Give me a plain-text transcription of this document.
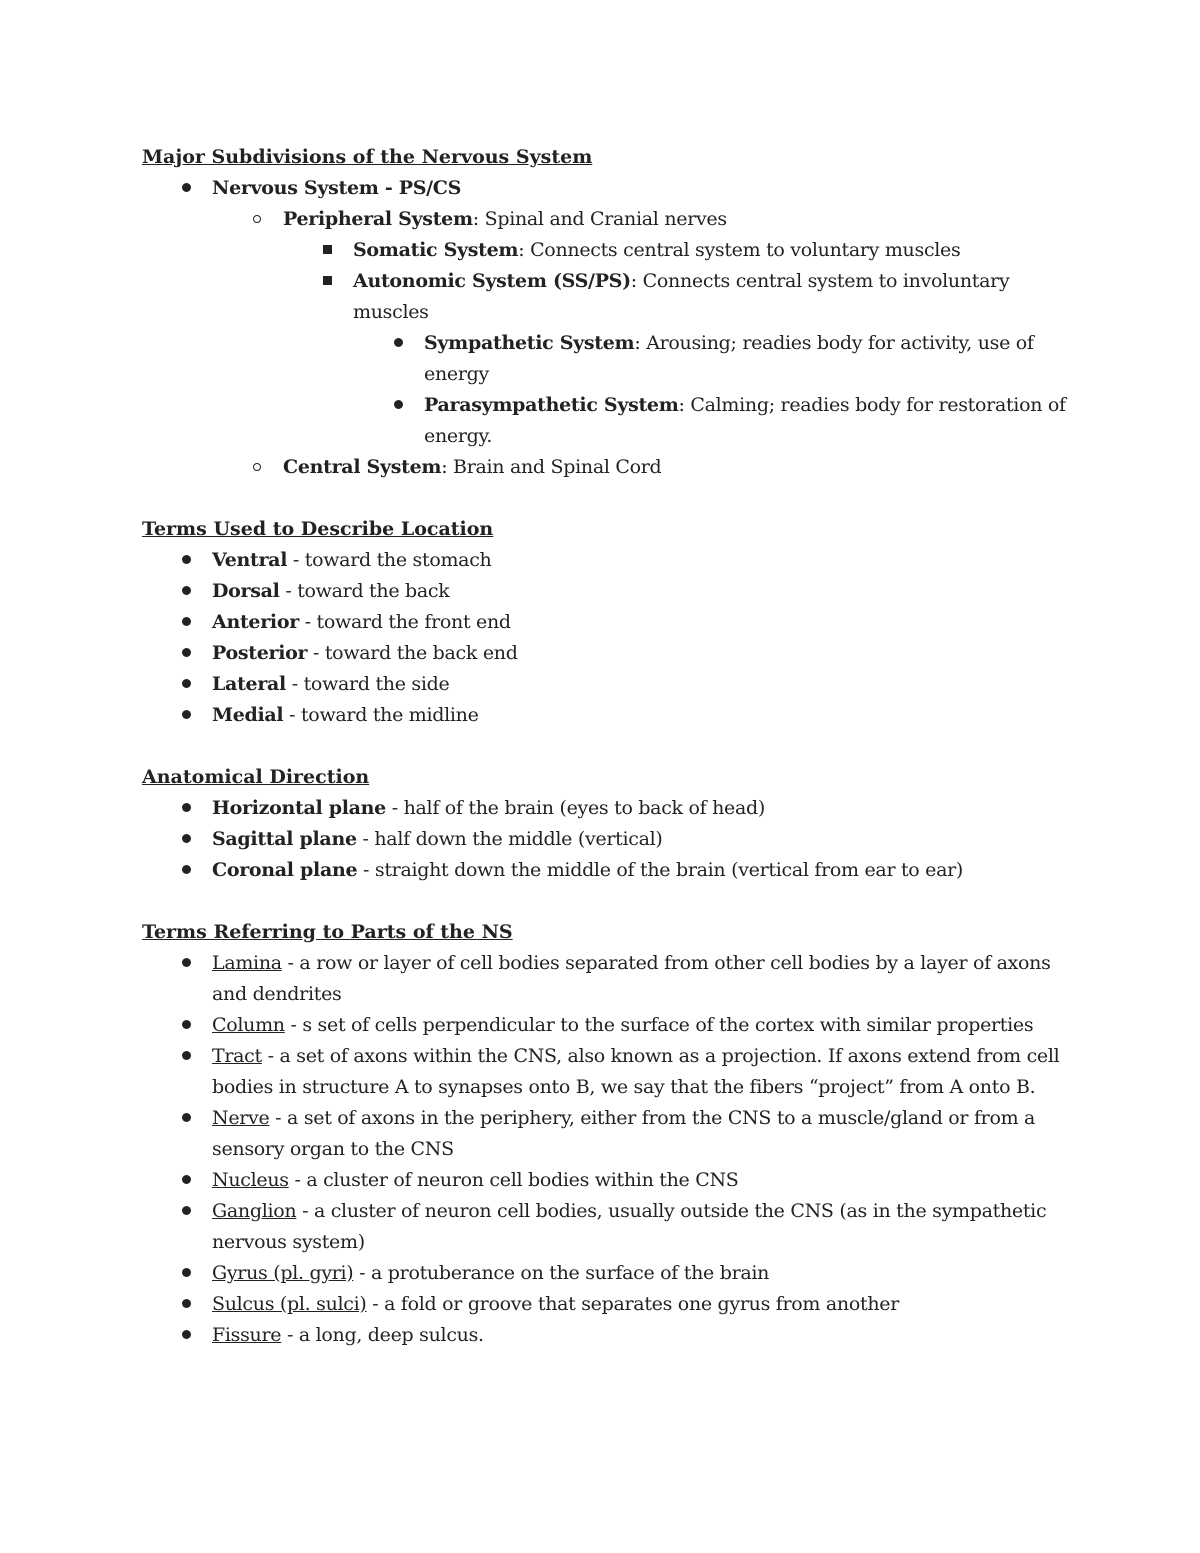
Major Subdivisions of the Nervous System

Nervous System - PS/CS

Peripheral System: Spinal and Cranial nerves

Somatic System: Connects central system to voluntary muscles

Autonomic System (SS/PS): Connects central system to involuntary muscles

Sympathetic System: Arousing; readies body for activity, use of energy

Parasympathetic System: Calming; readies body for restoration of energy.

Central System: Brain and Spinal Cord

Terms Used to Describe Location

Ventral - toward the stomach

Dorsal - toward the back

Anterior - toward the front end

Posterior - toward the back end

Lateral - toward the side

Medial - toward the midline

Anatomical Direction

Horizontal plane - half of the brain (eyes to back of head)

Sagittal plane - half down the middle (vertical)

Coronal plane - straight down the middle of the brain (vertical from ear to ear)

Terms Referring to Parts of the NS

Lamina - a row or layer of cell bodies separated from other cell bodies by a layer of axons and dendrites

Column - s set of cells perpendicular to the surface of the cortex with similar properties

Tract - a set of axons within the CNS, also known as a projection. If axons extend from cell bodies in structure A to synapses onto B, we say that the fibers “project” from A onto B.

Nerve - a set of axons in the periphery, either from the CNS to a muscle/gland or from a sensory organ to the CNS

Nucleus - a cluster of neuron cell bodies within the CNS

Ganglion - a cluster of neuron cell bodies, usually outside the CNS (as in the sympathetic nervous system)

Gyrus (pl. gyri) - a protuberance on the surface of the brain

Sulcus (pl. sulci) - a fold or groove that separates one gyrus from another

Fissure - a long, deep sulcus.
